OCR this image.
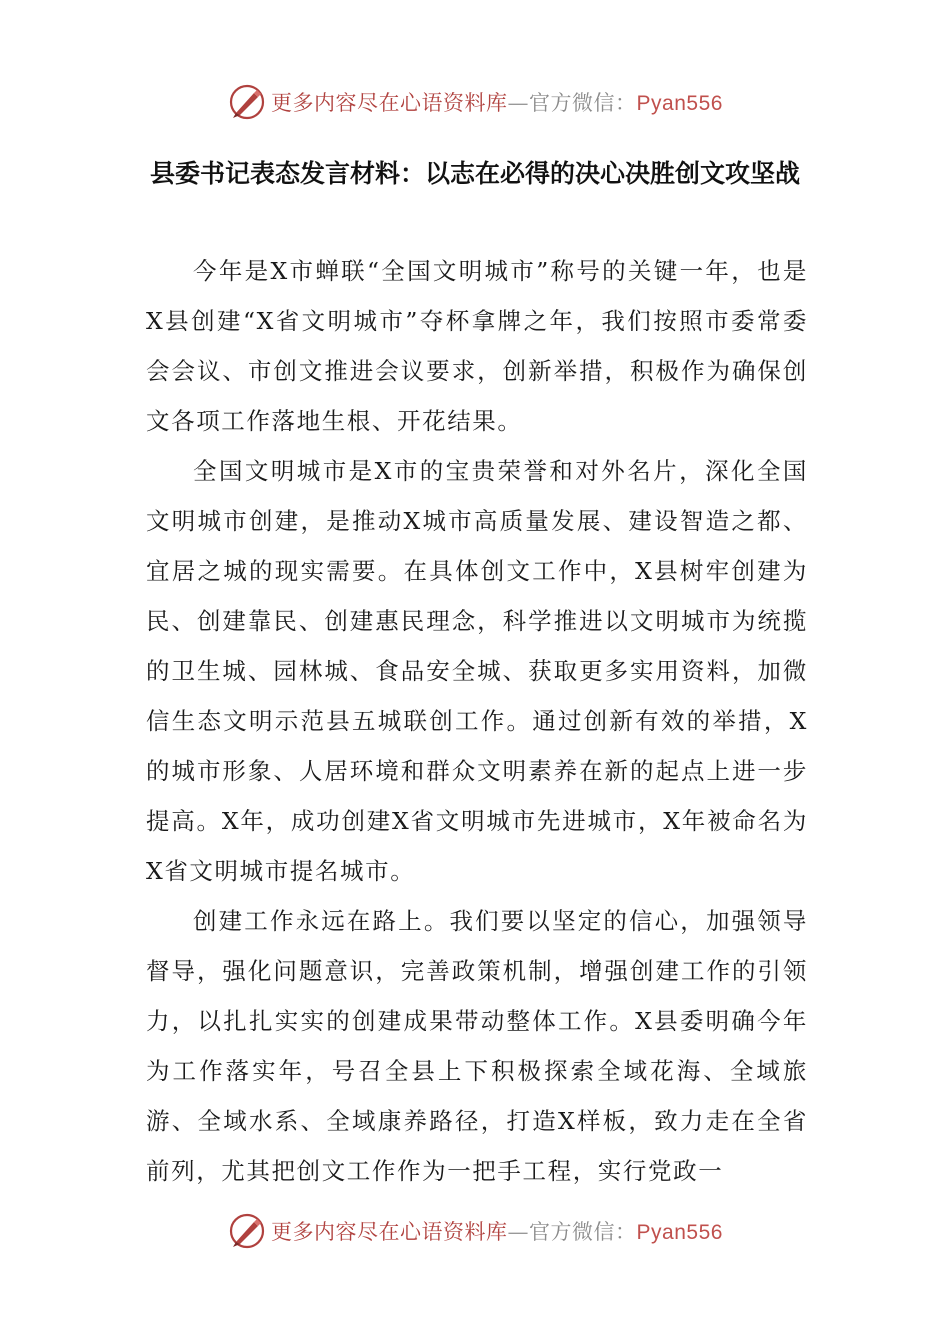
更多内容尽在心语资料库—官方微信：Pyan556
县委书记表态发言材料：以志在必得的决心决胜创文攻坚战

今年是X市蝉联“全国文明城市”称号的关键一年，也是X县创建“X省文明城市”夺杯拿牌之年，我们按照市委常委会会议、市创文推进会议要求，创新举措，积极作为确保创文各项工作落地生根、开花结果。

全国文明城市是X市的宝贵荣誉和对外名片，深化全国文明城市创建，是推动X城市高质量发展、建设智造之都、宜居之城的现实需要。在具体创文工作中，X县树牢创建为民、创建靠民、创建惠民理念，科学推进以文明城市为统揽的卫生城、园林城、食品安全城、获取更多实用资料，加微信生态文明示范县五城联创工作。通过创新有效的举措，X的城市形象、人居环境和群众文明素养在新的起点上进一步提高。X年，成功创建X省文明城市先进城市，X年被命名为X省文明城市提名城市。

创建工作永远在路上。我们要以坚定的信心，加强领导督导，强化问题意识，完善政策机制，增强创建工作的引领力，以扎扎实实的创建成果带动整体工作。X县委明确今年为工作落实年，号召全县上下积极探索全域花海、全域旅游、全域水系、全域康养路径，打造X样板，致力走在全省前列，尤其把创文工作作为一把手工程，实行党政一

更多内容尽在心语资料库—官方微信：Pyan556
